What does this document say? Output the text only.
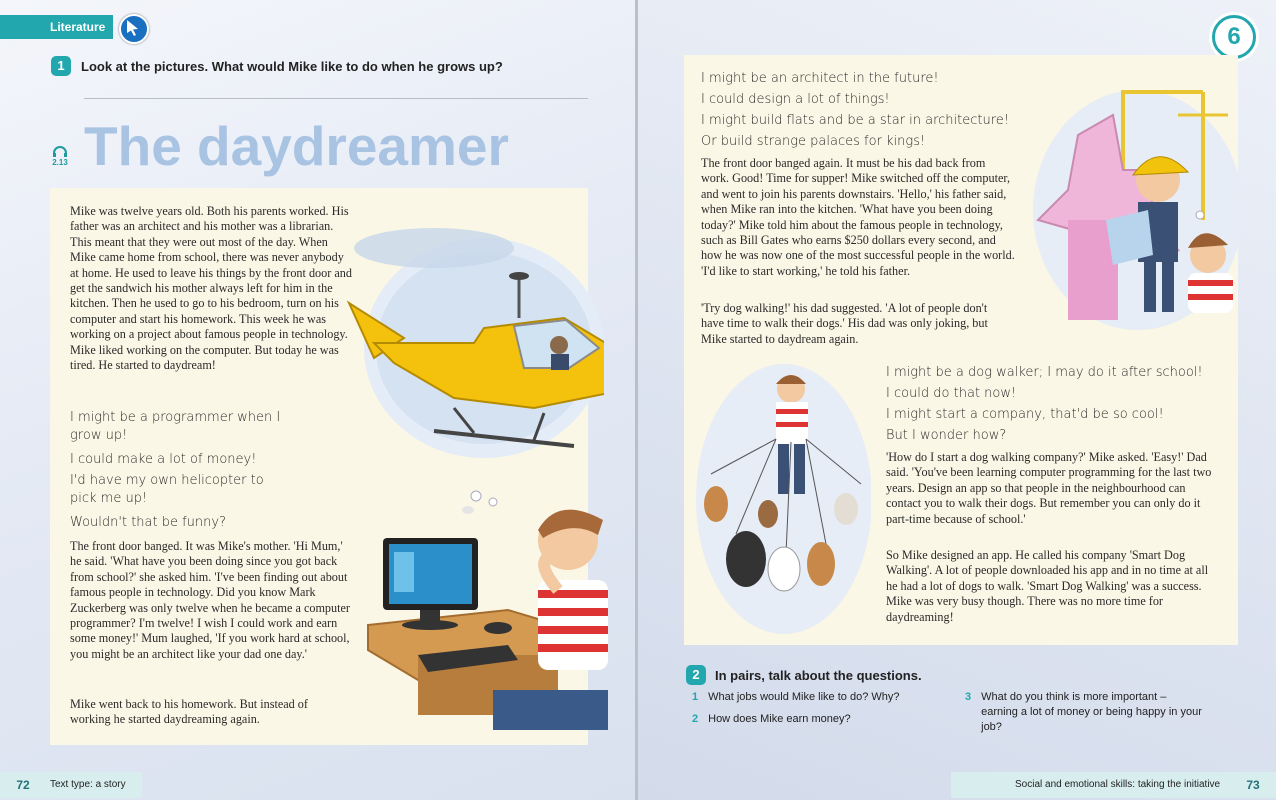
Literature
1	Look at the pictures. What would Mike like to do when he grows up?
2.13 The daydreamer

Mike was twelve years old. Both his parents worked. His father was an architect and his mother was a librarian. This meant that they were out most of the day. When Mike came home from school, there was never anybody at home. He used to leave his things by the front door and get the sandwich his mother always left for him in the kitchen. Then he used to go to his bedroom, turn on his computer and start his homework. This week he was working on a project about famous people in technology. Mike liked working on the computer. But today he was tired. He started to daydream!

I might be a programmer when I grow up!

I could make a lot of money!

I'd have my own helicopter to pick me up!

Wouldn't that be funny?

The front door banged. It was Mike's mother. 'Hi Mum,' he said. 'What have you been doing since you got back from school?' she asked him. 'I've been finding out about famous people in technology. Did you know Mark Zuckerberg was only twelve when he became a computer programmer? I'm twelve! I wish I could work and earn some money!' Mum laughed, 'If you work hard at school, you might be an architect like your dad one day.'

Mike went back to his homework. But instead of working he started daydreaming again.

72	Text type: a story
6

I might be an architect in the future!

I could design a lot of things!

I might build flats and be a star in architecture!

Or build strange palaces for kings!

The front door banged again. It must be his dad back from work. Good! Time for supper! Mike switched off the computer, and went to join his parents downstairs. 'Hello,' his father said, when Mike ran into the kitchen. 'What have you been doing today?' Mike told him about the famous people in technology, such as Bill Gates who earns $250 dollars every second, and how he was now one of the most successful people in the world. 'I'd like to start working,' he told his father.

'Try dog walking!' his dad suggested. 'A lot of people don't have time to walk their dogs.' His dad was only joking, but Mike started to daydream again.

I might be a dog walker; I may do it after school!

I could do that now!

I might start a company, that'd be so cool!

But I wonder how?

'How do I start a dog walking company?' Mike asked. 'Easy!' Dad said. 'You've been learning computer programming for the last two years. Design an app so that people in the neighbourhood can contact you to walk their dogs. But remember you can only do it part-time because of school.'

So Mike designed an app. He called his company 'Smart Dog Walking'. A lot of people downloaded his app and in no time at all he had a lot of dogs to walk. 'Smart Dog Walking' was a success. Mike was very busy though. There was no more time for daydreaming!

2	In pairs, talk about the questions.
1 What jobs would Mike like to do? Why?
2 How does Mike earn money?
3 What do you think is more important – earning a lot of money or being happy in your job?
Social and emotional skills: taking the initiative	73
